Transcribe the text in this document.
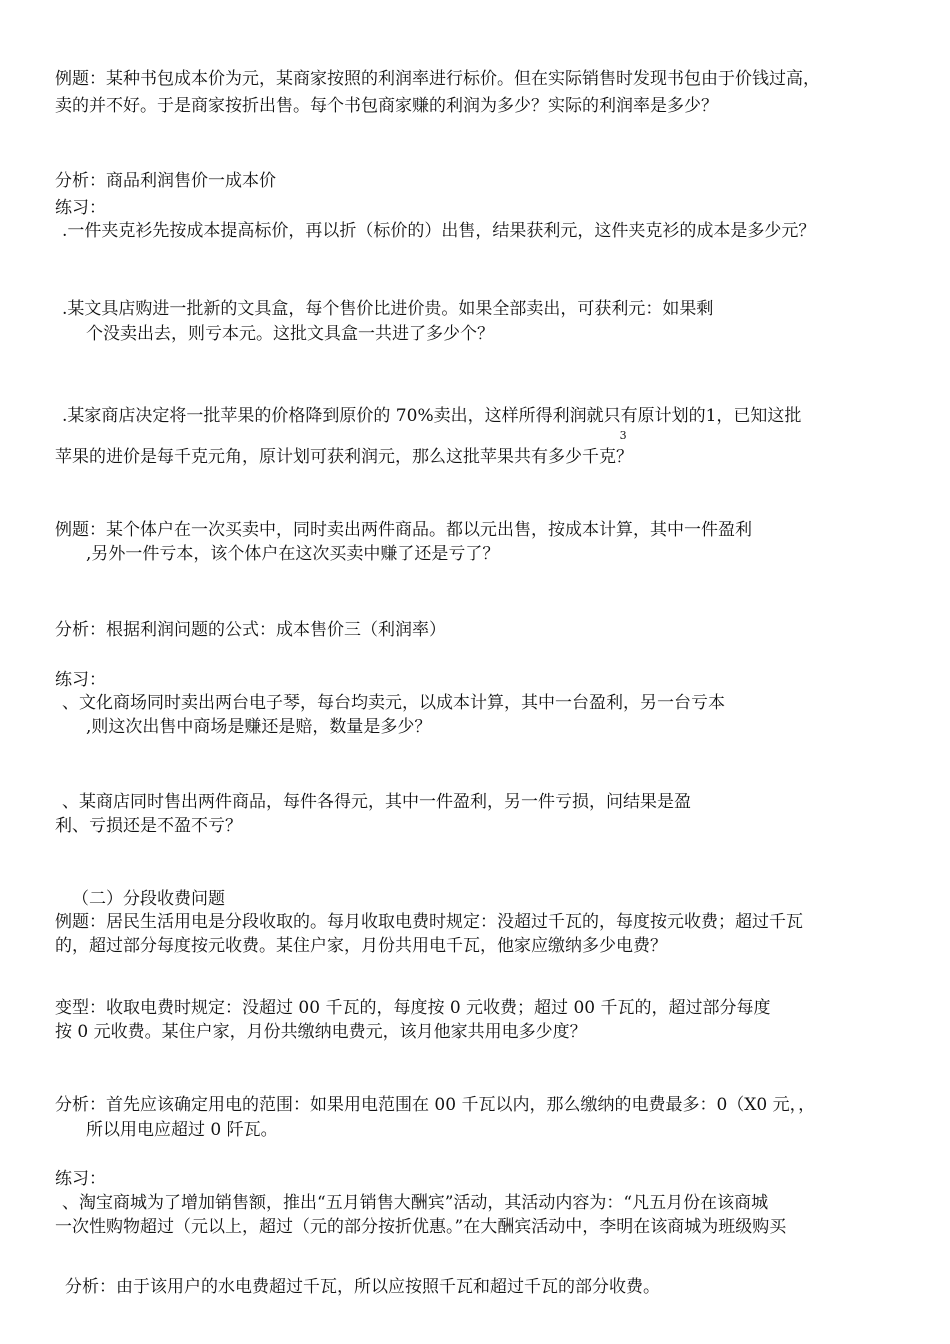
例题：某种书包成本价为元，某商家按照的利润率进行标价。但在实际销售时发现书包由于价钱过高，
卖的并不好。于是商家按折出售。每个书包商家赚的利润为多少？实际的利润率是多少？
分析：商品利润售价一成本价
练习：
.一件夹克衫先按成本提高标价，再以折（标价的）出售，结果获利元，这件夹克衫的成本是多少元？
.某文具店购进一批新的文具盒，每个售价比进价贵。如果全部卖出，可获利元：如果剩
个没卖出去，则亏本元。这批文具盒一共进了多少个？
.某家商店决定将一批苹果的价格降到原价的 70%卖出，这样所得利润就只有原计划的1
3
，已知这批
苹果的进价是每千克元角，原计划可获利润元，那么这批苹果共有多少千克？
例题：某个体户在一次买卖中，同时卖出两件商品。都以元出售，按成本计算，其中一件盈利
,另外一件亏本，该个体户在这次买卖中赚了还是亏了？
分析：根据利润问题的公式：成本售价三（利润率）
练习：
、文化商场同时卖出两台电子琴，每台均卖元，以成本计算，其中一台盈利，另一台亏本
,则这次出售中商场是赚还是赔，数量是多少？
、某商店同时售出两件商品，每件各得元，其中一件盈利，另一件亏损，问结果是盈
利、亏损还是不盈不亏？
（二）分段收费问题
例题：居民生活用电是分段收取的。每月收取电费时规定：没超过千瓦的，每度按元收费；超过千瓦
的，超过部分每度按元收费。某住户家，月份共用电千瓦，他家应缴纳多少电费？
变型：收取电费时规定：没超过 00 千瓦的，每度按 0 元收费；超过 00 千瓦的，超过部分每度
按 0 元收费。某住户家，月份共缴纳电费元，该月他家共用电多少度？
分析：首先应该确定用电的范围：如果用电范围在 00 千瓦以内，那么缴纳的电费最多：0（X0 元，，
所以用电应超过 0 阡瓦。
练习：
、淘宝商城为了增加销售额，推出“五月销售大酬宾”活动，其活动内容为：“凡五月份在该商城
一次性购物超过（元以上，超过（元的部分按折优惠。”在大酬宾活动中，李明在该商城为班级购买
分析：由于该用户的水电费超过千瓦，所以应按照千瓦和超过千瓦的部分收费。
